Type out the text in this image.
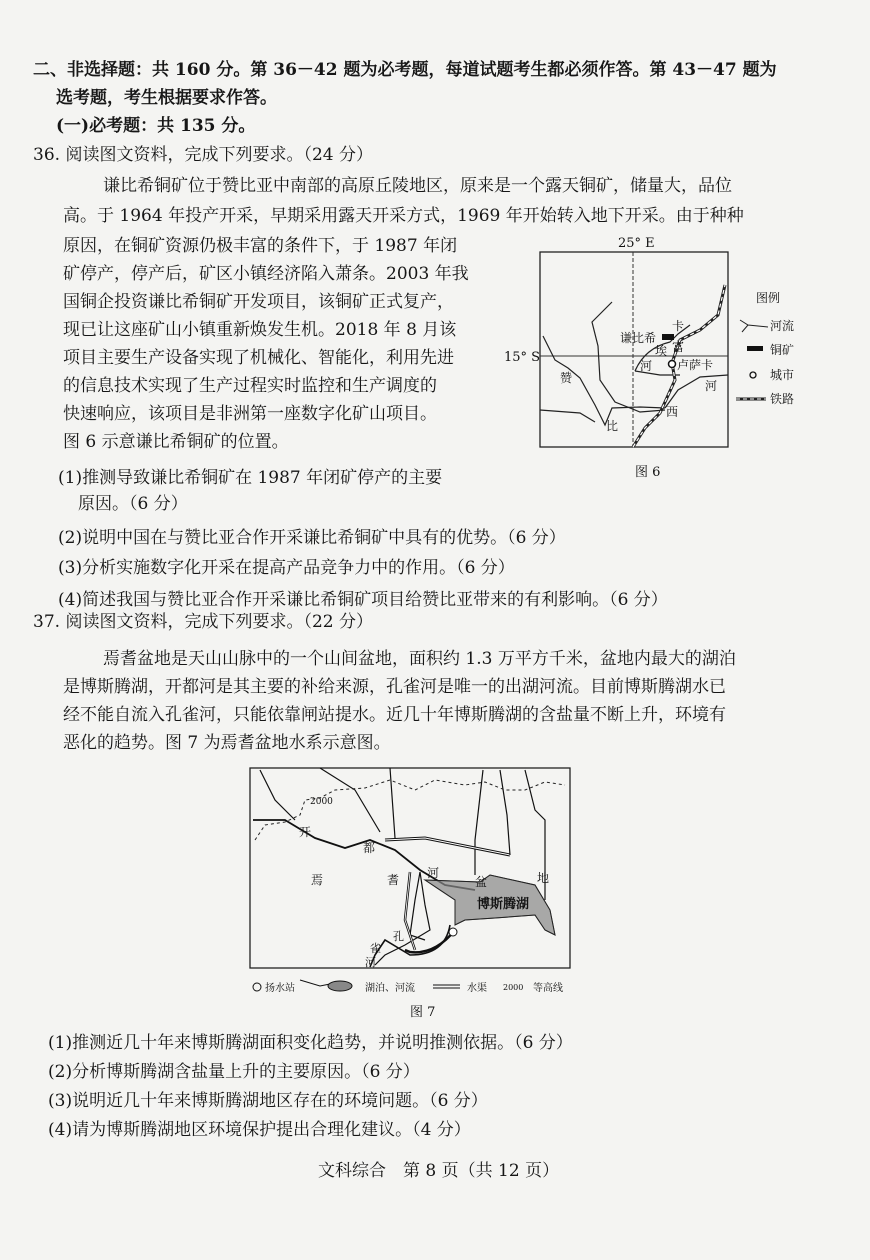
二、非选择题：共 160 分。第 36－42 题为必考题，每道试题考生都必须作答。第 43－47 题为
选考题，考生根据要求作答。
(一)必考题：共 135 分。
36. 阅读图文资料，完成下列要求。（24 分）
谦比希铜矿位于赞比亚中南部的高原丘陵地区，原来是一个露天铜矿，储量大，品位
高。于 1964 年投产开采，早期采用露天开采方式，1969 年开始转入地下开采。由于种种
原因，在铜矿资源仍极丰富的条件下，于 1987 年闭
矿停产，停产后，矿区小镇经济陷入萧条。2003 年我
国铜企投资谦比希铜矿开发项目，该铜矿正式复产，
现已让这座矿山小镇重新焕发生机。2018 年 8 月该
项目主要生产设备实现了机械化、智能化，利用先进
的信息技术实现了生产过程实时监控和生产调度的
快速响应，该项目是非洲第一座数字化矿山项目。
图 6 示意谦比希铜矿的位置。
(1)推测导致谦比希铜矿在 1987 年闭矿停产的主要
原因。（6 分）
(2)说明中国在与赞比亚合作开采谦比希铜矿中具有的优势。（6 分）
(3)分析实施数字化开采在提高产品竞争力中的作用。（6 分）
(4)简述我国与赞比亚合作开采谦比希铜矿项目给赞比亚带来的有利影响。（6 分）
25° E
15° S
谦比希
卢萨卡
卡
富
埃
河
赞
比
西
河
图例
河流
铜矿
城市
铁路
图 6
37. 阅读图文资料，完成下列要求。（22 分）
焉耆盆地是天山山脉中的一个山间盆地，面积约 1.3 万平方千米，盆地内最大的湖泊
是博斯腾湖，开都河是其主要的补给来源，孔雀河是唯一的出湖河流。目前博斯腾湖水已
经不能自流入孔雀河，只能依靠闸站提水。近几十年博斯腾湖的含盐量不断上升，环境有
恶化的趋势。图 7 为焉耆盆地水系示意图。
2000
开
都
河
焉	耆	盆	地
博斯腾湖
孔
雀
河
扬水站	湖泊、河流	水渠 2000 等高线
图 7
(1)推测近几十年来博斯腾湖面积变化趋势，并说明推测依据。（6 分）
(2)分析博斯腾湖含盐量上升的主要原因。（6 分）
(3)说明近几十年来博斯腾湖地区存在的环境问题。（6 分）
(4)请为博斯腾湖地区环境保护提出合理化建议。（4 分）
文科综合　第 8 页（共 12 页）
